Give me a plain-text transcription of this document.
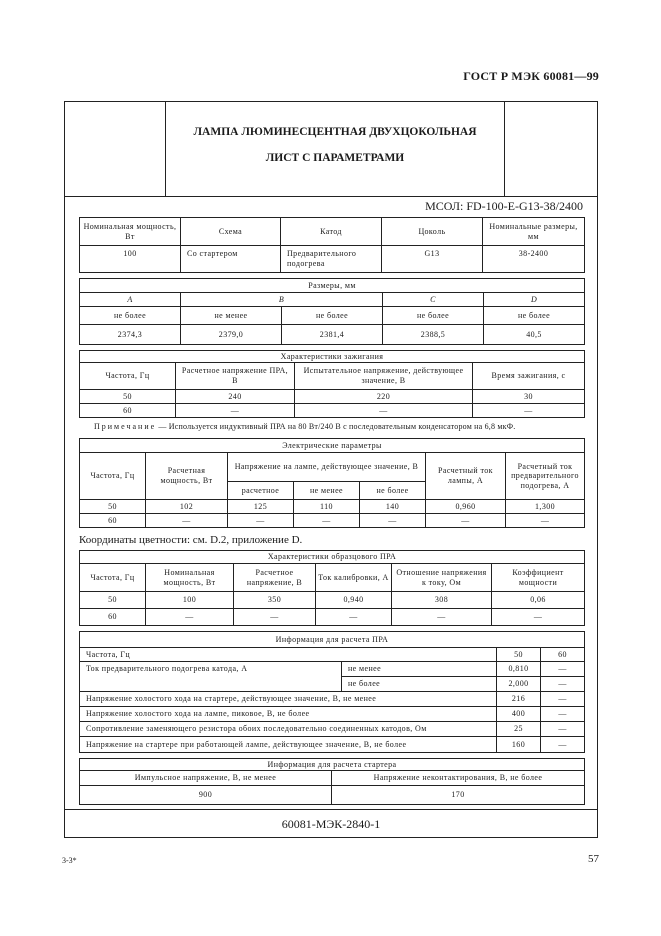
ГОСТ Р МЭК 60081—99
ЛАМПА ЛЮМИНЕСЦЕНТНАЯ ДВУХЦОКОЛЬНАЯ
ЛИСТ С ПАРАМЕТРАМИ
МСОЛ: FD-100-E-G13-38/2400
Номинальная мощность, Вт	Схема	Катод	Цоколь	Номинальные размеры, мм
100	Со стартером	Предварительного подогрева	G13	38-2400
Размеры, мм				
A	B		C	D
не более	не менее	не более	не более	не более
2374,3	2379,0	2381,4	2388,5	40,5
Характеристики зажигания			
Частота, Гц	Расчетное напряжение ПРА, В	Испытательное напряжение, действующее значение, В	Время зажигания, с
50	240	220	30
60	—	—	—
Примечание — Используется индуктивный ПРА на 80 Вт/240 В с последовательным конденсатором на 6,8 мкФ.
Электрические параметры						
Частота, Гц	Расчетная мощность, Вт	Напряжение на лампе, действующее значение, В			Расчетный ток лампы, А	Расчетный ток предварительного подогрева, А
		расчетное	не менее	не более		
50	102	125	110	140	0,960	1,300
60	—	—	—	—	—	—
Координаты цветности: см. D.2, приложение D.
Характеристики образцового ПРА					
Частота, Гц	Номинальная мощность, Вт	Расчетное напряжение, В	Ток калибровки, А	Отношение напряжения к току, Ом	Коэффициент мощности
50	100	350	0,940	308	0,06
60	—	—	—	—	—
Информация для расчета ПРА			
Частота, Гц		50	60
Ток предварительного подогрева катода, А	не менее	0,810	—
	не более	2,000	—
Напряжение холостого хода на стартере, действующее значение, В, не менее		216	—
Напряжение холостого хода на лампе, пиковое, В, не более		400	—
Сопротивление заменяющего резистора обоих последовательно соединенных катодов, Ом		25	—
Напряжение на стартере при работающей лампе, действующее значение, В, не более		160	—
Информация для расчета стартера	
Импульсное напряжение, В, не менее	Напряжение неконтактирования, В, не более
900	170
60081-МЭК-2840-1
3-3*	57
